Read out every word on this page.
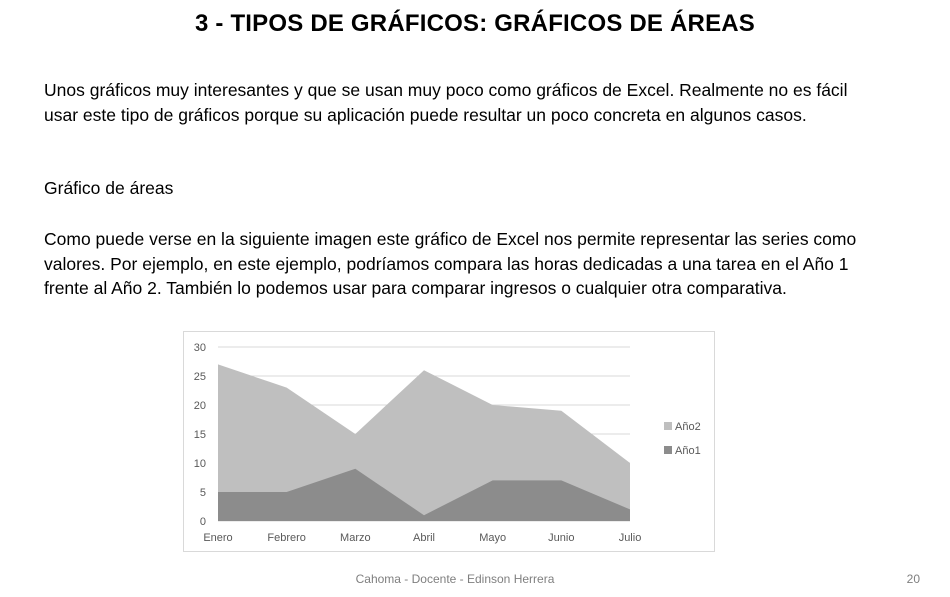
3 - TIPOS DE GRÁFICOS: GRÁFICOS DE ÁREAS

Unos gráficos muy interesantes y que se usan muy poco como gráficos de Excel. Realmente no es fácil usar este tipo de gráficos porque su aplicación puede resultar un poco concreta en algunos casos.

Gráfico de áreas

Como puede verse en la siguiente imagen este gráfico de Excel nos permite representar las series como valores. Por ejemplo, en este ejemplo, podríamos compara las horas dedicadas a una tarea en el Año 1 frente al Año 2. También lo podemos usar para comparar ingresos o cualquier otra comparativa.

0
5
10
15
20
25
30
Enero	Febrero	Marzo	Abril	Mayo	Junio	Julio
Año2
Año1
Cahoma - Docente - Edinson Herrera	20
